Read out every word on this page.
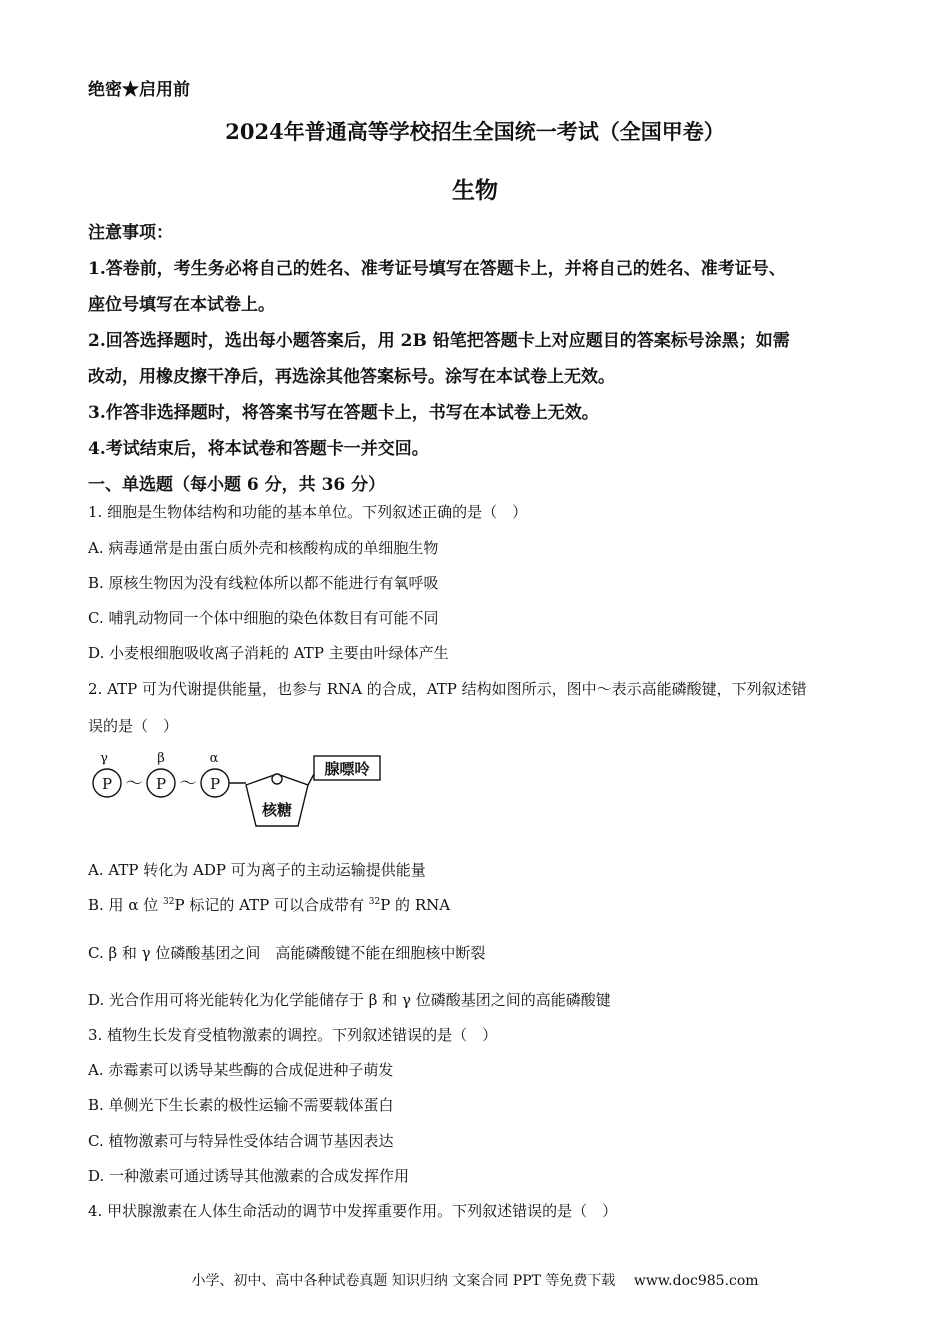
绝密★启用前
2024年普通高等学校招生全国统一考试（全国甲卷）
生物
注意事项：
1.答卷前，考生务必将自己的姓名、准考证号填写在答题卡上，并将自己的姓名、准考证号、
座位号填写在本试卷上。
2.回答选择题时，选出每小题答案后，用 2B 铅笔把答题卡上对应题目的答案标号涂黑；如需
改动，用橡皮擦干净后，再选涂其他答案标号。涂写在本试卷上无效。
3.作答非选择题时，将答案书写在答题卡上，书写在本试卷上无效。
4.考试结束后，将本试卷和答题卡一并交回。
一、单选题（每小题 6 分，共 36 分）
1. 细胞是生物体结构和功能的基本单位。下列叙述正确的是（　）
A. 病毒通常是由蛋白质外壳和核酸构成的单细胞生物
B. 原核生物因为没有线粒体所以都不能进行有氧呼吸
C. 哺乳动物同一个体中细胞的染色体数目有可能不同
D. 小麦根细胞吸收离子消耗的 ATP 主要由叶绿体产生
2. ATP 可为代谢提供能量，也参与 RNA 的合成，ATP 结构如图所示，图中～表示高能磷酸键，下列叙述错
误的是（　）
γ	β	α
P	P	P
～ ～
核糖
腺嘌呤
A. ATP 转化为 ADP 可为离子的主动运输提供能量
B. 用 α 位 $^{32}$P 标记的 ATP 可以合成带有 $^{32}$P 的 RNA
C. β 和 γ 位磷酸基团之间　高能磷酸键不能在细胞核中断裂
D. 光合作用可将光能转化为化学能储存于 β 和 γ 位磷酸基团之间的高能磷酸键
3. 植物生长发育受植物激素的调控。下列叙述错误的是（　）
A. 赤霉素可以诱导某些酶的合成促进种子萌发
B. 单侧光下生长素的极性运输不需要载体蛋白
C. 植物激素可与特异性受体结合调节基因表达
D. 一种激素可通过诱导其他激素的合成发挥作用
4. 甲状腺激素在人体生命活动的调节中发挥重要作用。下列叙述错误的是（　）
小学、初中、高中各种试卷真题 知识归纳 文案合同 PPT 等免费下载　 www.doc985.com
